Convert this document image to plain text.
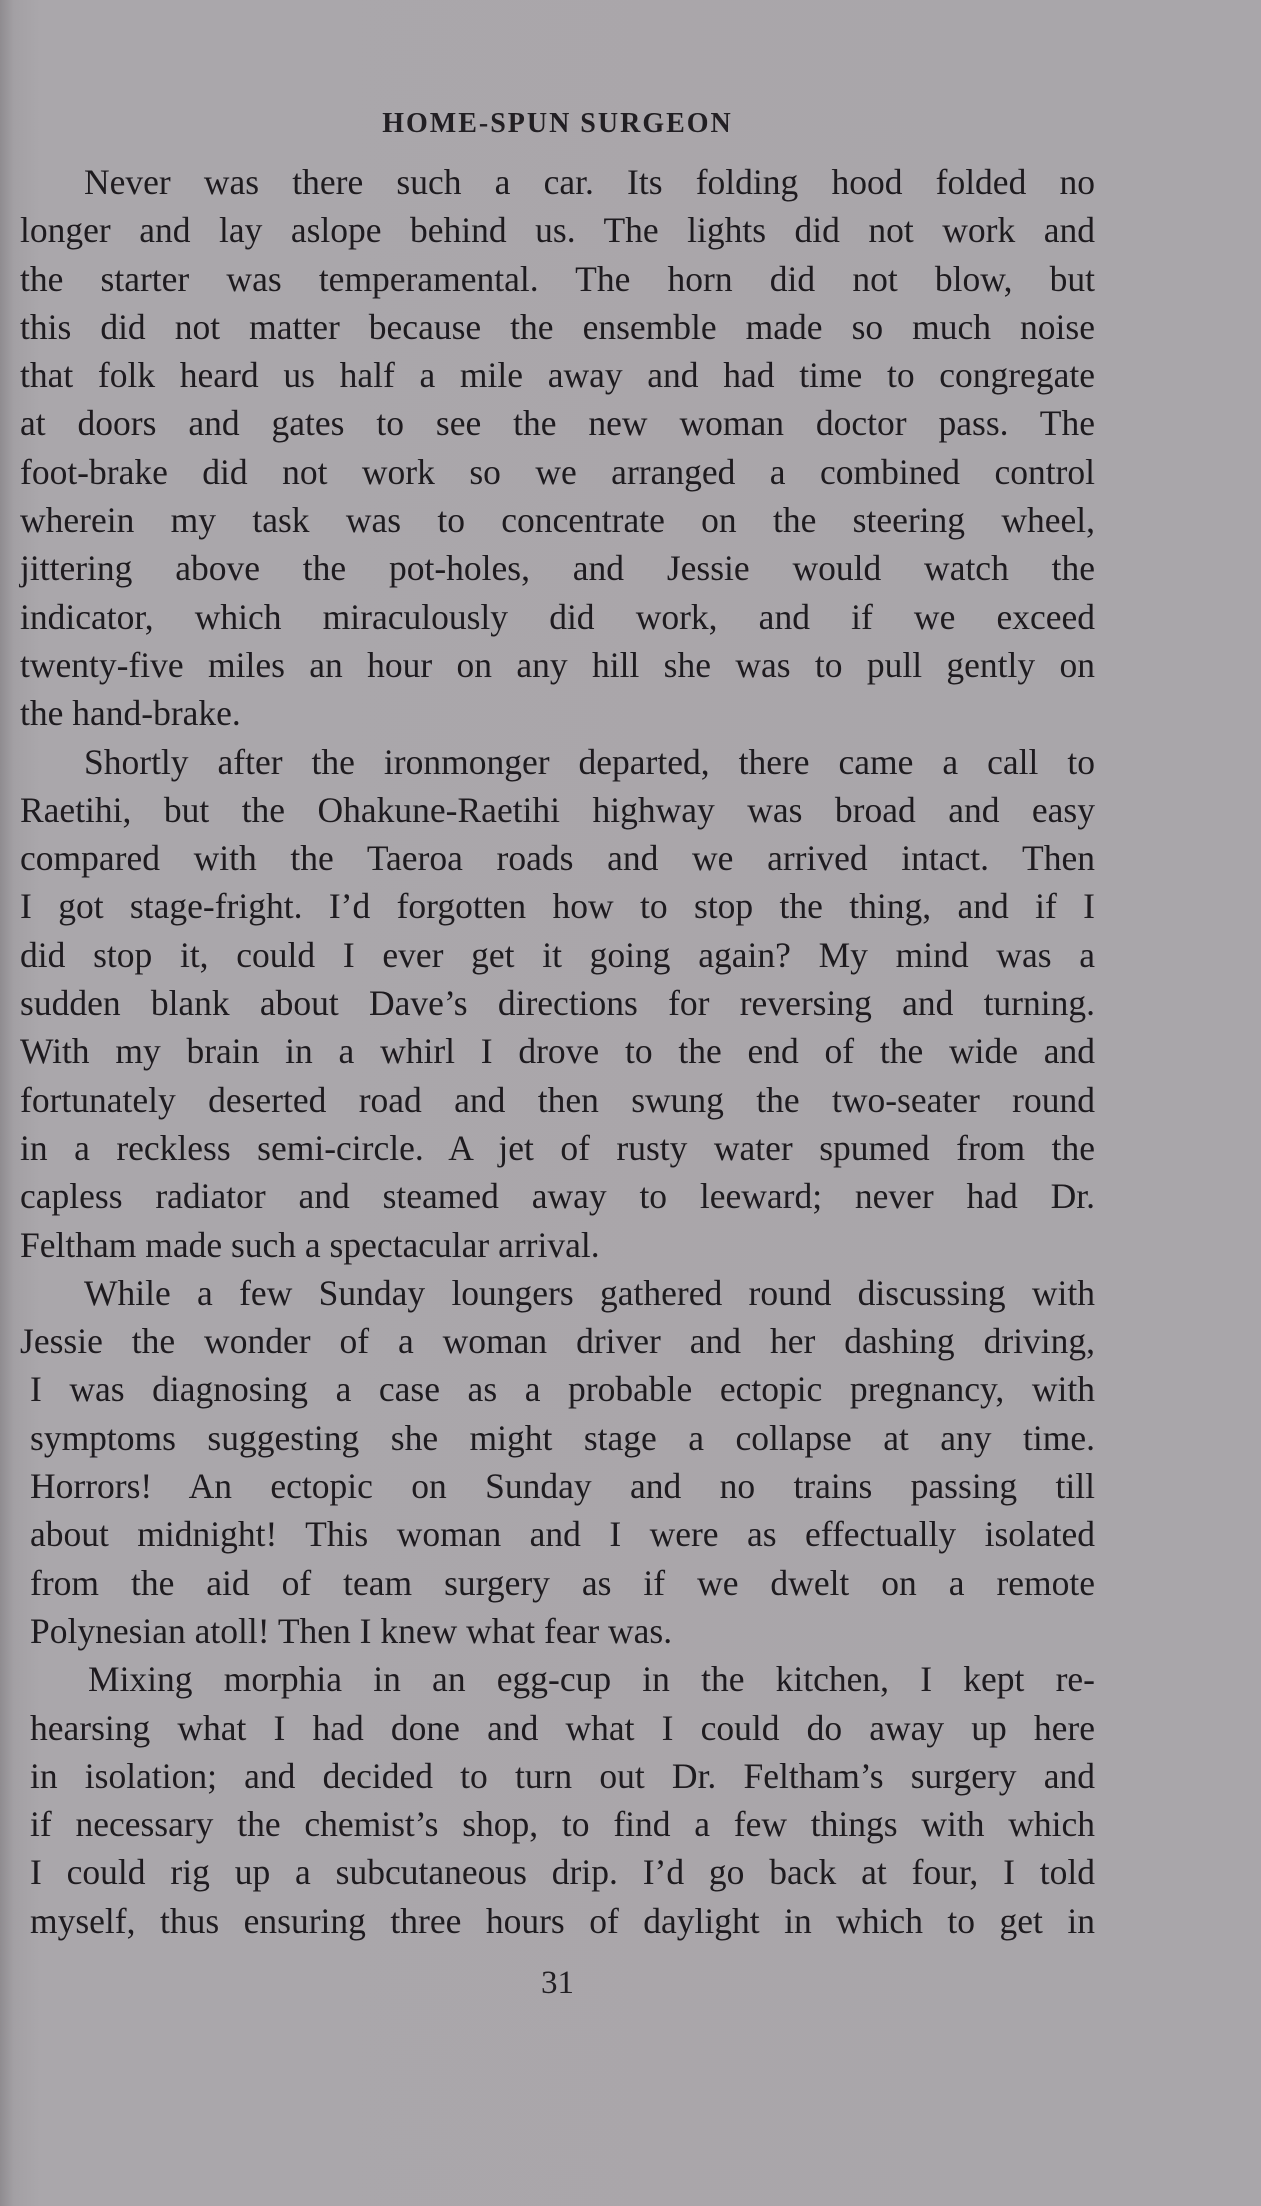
HOME-SPUN SURGEON
Never was there such a car. Its folding hood folded no
longer and lay aslope behind us. The lights did not work and
the starter was temperamental. The horn did not blow, but
this did not matter because the ensemble made so much noise
that folk heard us half a mile away and had time to congregate
at doors and gates to see the new woman doctor pass. The
foot-brake did not work so we arranged a combined control
wherein my task was to concentrate on the steering wheel,
jittering above the pot-holes, and Jessie would watch the
indicator, which miraculously did work, and if we exceed
twenty-five miles an hour on any hill she was to pull gently on
the hand-brake.
Shortly after the ironmonger departed, there came a call to
Raetihi, but the Ohakune-Raetihi highway was broad and easy
compared with the Taeroa roads and we arrived intact. Then
I got stage-fright. I’d forgotten how to stop the thing, and if I
did stop it, could I ever get it going again? My mind was a
sudden blank about Dave’s directions for reversing and turning.
With my brain in a whirl I drove to the end of the wide and
fortunately deserted road and then swung the two-seater round
in a reckless semi-circle. A jet of rusty water spumed from the
capless radiator and steamed away to leeward; never had Dr.
Feltham made such a spectacular arrival.
While a few Sunday loungers gathered round discussing with
Jessie the wonder of a woman driver and her dashing driving,
I was diagnosing a case as a probable ectopic pregnancy, with
symptoms suggesting she might stage a collapse at any time.
Horrors! An ectopic on Sunday and no trains passing till
about midnight! This woman and I were as effectually isolated
from the aid of team surgery as if we dwelt on a remote
Polynesian atoll! Then I knew what fear was.
Mixing morphia in an egg-cup in the kitchen, I kept re-
hearsing what I had done and what I could do away up here
in isolation; and decided to turn out Dr. Feltham’s surgery and
if necessary the chemist’s shop, to find a few things with which
I could rig up a subcutaneous drip. I’d go back at four, I told
myself, thus ensuring three hours of daylight in which to get in
31
